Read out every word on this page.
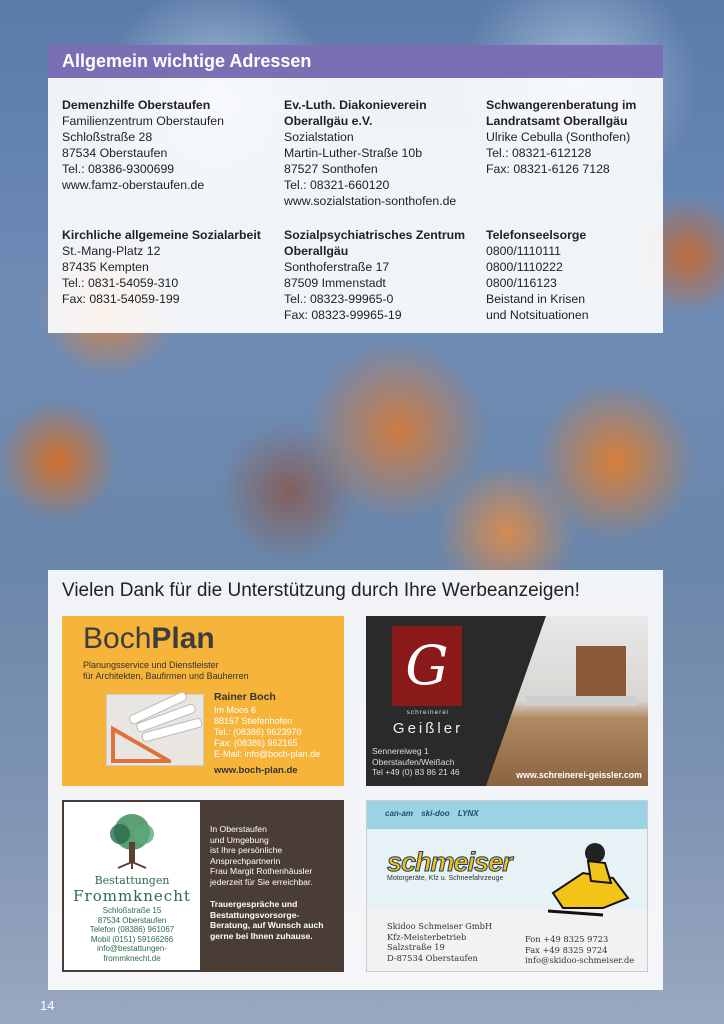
Allgemein wichtige Adressen
Demenzhilfe Oberstaufen
Familienzentrum Oberstaufen
Schloßstraße 28
87534 Oberstaufen
Tel.: 08386-9300699
www.famz-oberstaufen.de
Ev.-Luth. Diakonieverein Oberallgäu e.V.
Sozialstation
Martin-Luther-Straße 10b
87527 Sonthofen
Tel.: 08321-660120
www.sozialstation-sonthofen.de
Schwangerenberatung im Landratsamt Oberallgäu
Ulrike Cebulla (Sonthofen)
Tel.: 08321-612128
Fax: 08321-6126 7128
Kirchliche allgemeine Sozialarbeit
St.-Mang-Platz 12
87435 Kempten
Tel.: 0831-54059-310
Fax: 0831-54059-199
Sozialpsychiatrisches Zentrum Oberallgäu
Sonthoferstraße 17
87509 Immenstadt
Tel.: 08323-99965-0
Fax: 08323-99965-19
Telefonseelsorge
0800/1110111
0800/1110222
0800/116123
Beistand in Krisen
und Notsituationen
Vielen Dank für die Unterstützung durch Ihre Werbeanzeigen!
BochPlan
Planungsservice und Dienstleister
für Architekten, Baufirmen und Bauherren
Rainer Boch
Im Moos 6
88167 Stiefenhofen
Tel.: (08386) 9623970
Fax: (08386) 962165
E-Mail: info@boch-plan.de
www.boch-plan.de
G
schreinerei
Geißler
Sennereiweg 1
Oberstaufen/Weißach
Tel +49 (0) 83 86 21 46	www.schreinerei-geissler.com
Bestattungen
Frommknecht
Schloßstraße 15
87534 Oberstaufen
Telefon (08386) 961067
Mobil (0151) 59166266
info@bestattungen-
frommknecht.de
In Oberstaufen
und Umgebung
ist Ihre persönliche
Ansprechpartnerin
Frau Margit Rothenhäusler
jederzeit für Sie erreichbar.
Trauergespräche und
Bestattungsvorsorge-
Beratung, auf Wunsch auch
gerne bei Ihnen zuhause.
can-am ski-doo LYNX
schmeiser
Motorgeräte, Kfz u. Schneefahrzeuge
Skidoo Schmeiser GmbH
Kfz-Meisterbetrieb
Salzstraße 19
D-87534 Oberstaufen
Fon +49 8325 9723
Fax +49 8325 9724
info@skidoo-schmeiser.de
14
